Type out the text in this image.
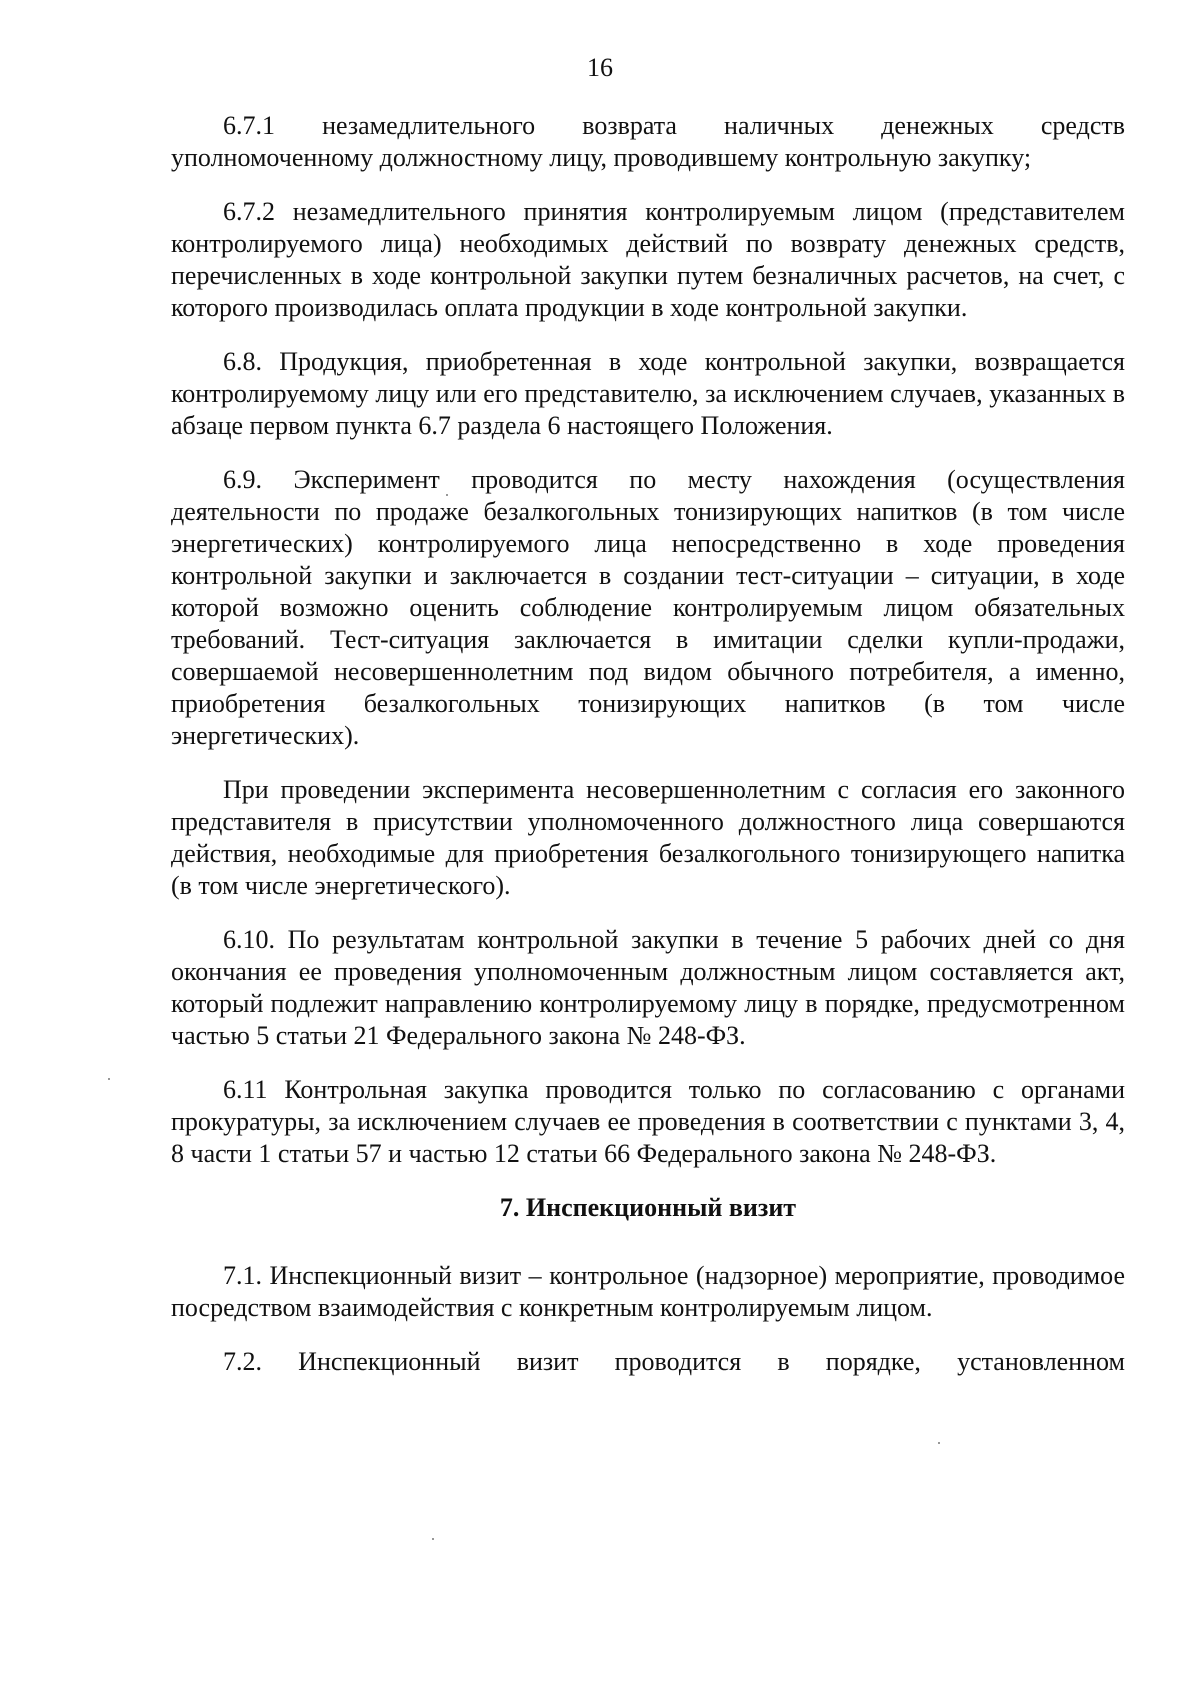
16

6.7.1 незамедлительного возврата наличных денежных средств уполномоченному должностному лицу, проводившему контрольную закупку;

6.7.2 незамедлительного принятия контролируемым лицом (представителем контролируемого лица) необходимых действий по возврату денежных средств, перечисленных в ходе контрольной закупки путем безналичных расчетов, на счет, с которого производилась оплата продукции в ходе контрольной закупки.

6.8. Продукция, приобретенная в ходе контрольной закупки, возвращается контролируемому лицу или его представителю, за исключением случаев, указанных в абзаце первом пункта 6.7 раздела 6 настоящего Положения.

6.9. Эксперимент проводится по месту нахождения (осуществления деятельности по продаже безалкогольных тонизирующих напитков (в том числе энергетических) контролируемого лица непосредственно в ходе проведения контрольной закупки и заключается в создании тест-ситуации – ситуации, в ходе которой возможно оценить соблюдение контролируемым лицом обязательных требований. Тест-ситуация заключается в имитации сделки купли-продажи, совершаемой несовершеннолетним под видом обычного потребителя, а именно, приобретения безалкогольных тонизирующих напитков (в том числе энергетических).

При проведении эксперимента несовершеннолетним с согласия его законного представителя в присутствии уполномоченного должностного лица совершаются действия, необходимые для приобретения безалкогольного тонизирующего напитка (в том числе энергетического).

6.10. По результатам контрольной закупки в течение 5 рабочих дней со дня окончания ее проведения уполномоченным должностным лицом составляется акт, который подлежит направлению контролируемому лицу в порядке, предусмотренном частью 5 статьи 21 Федерального закона № 248-ФЗ.

6.11 Контрольная закупка проводится только по согласованию с органами прокуратуры, за исключением случаев ее проведения в соответствии с пунктами 3, 4, 8 части 1 статьи 57 и частью 12 статьи 66 Федерального закона № 248-ФЗ.

7. Инспекционный визит

7.1. Инспекционный визит – контрольное (надзорное) мероприятие, проводимое посредством взаимодействия с конкретным контролируемым лицом.

7.2. Инспекционный визит проводится в порядке, установленном
